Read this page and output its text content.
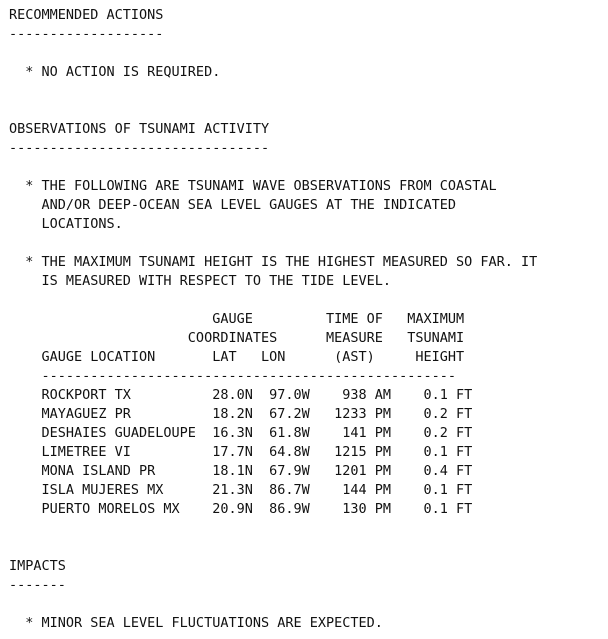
RECOMMENDED ACTIONS
-------------------
* NO ACTION IS REQUIRED.
OBSERVATIONS OF TSUNAMI ACTIVITY
--------------------------------
* THE FOLLOWING ARE TSUNAMI WAVE OBSERVATIONS FROM COASTAL
AND/OR DEEP-OCEAN SEA LEVEL GAUGES AT THE INDICATED
LOCATIONS.
* THE MAXIMUM TSUNAMI HEIGHT IS THE HIGHEST MEASURED SO FAR. IT
IS MEASURED WITH RESPECT TO THE TIDE LEVEL.
GAUGE         TIME OF   MAXIMUM
COORDINATES      MEASURE   TSUNAMI
GAUGE LOCATION       LAT   LON      (AST)     HEIGHT
---------------------------------------------------
ROCKPORT TX          28.0N  97.0W    938 AM    0.1 FT
MAYAGUEZ PR          18.2N  67.2W   1233 PM    0.2 FT
DESHAIES GUADELOUPE  16.3N  61.8W    141 PM    0.2 FT
LIMETREE VI          17.7N  64.8W   1215 PM    0.1 FT
MONA ISLAND PR       18.1N  67.9W   1201 PM    0.4 FT
ISLA MUJERES MX      21.3N  86.7W    144 PM    0.1 FT
PUERTO MORELOS MX    20.9N  86.9W    130 PM    0.1 FT
IMPACTS
-------
* MINOR SEA LEVEL FLUCTUATIONS ARE EXPECTED.
